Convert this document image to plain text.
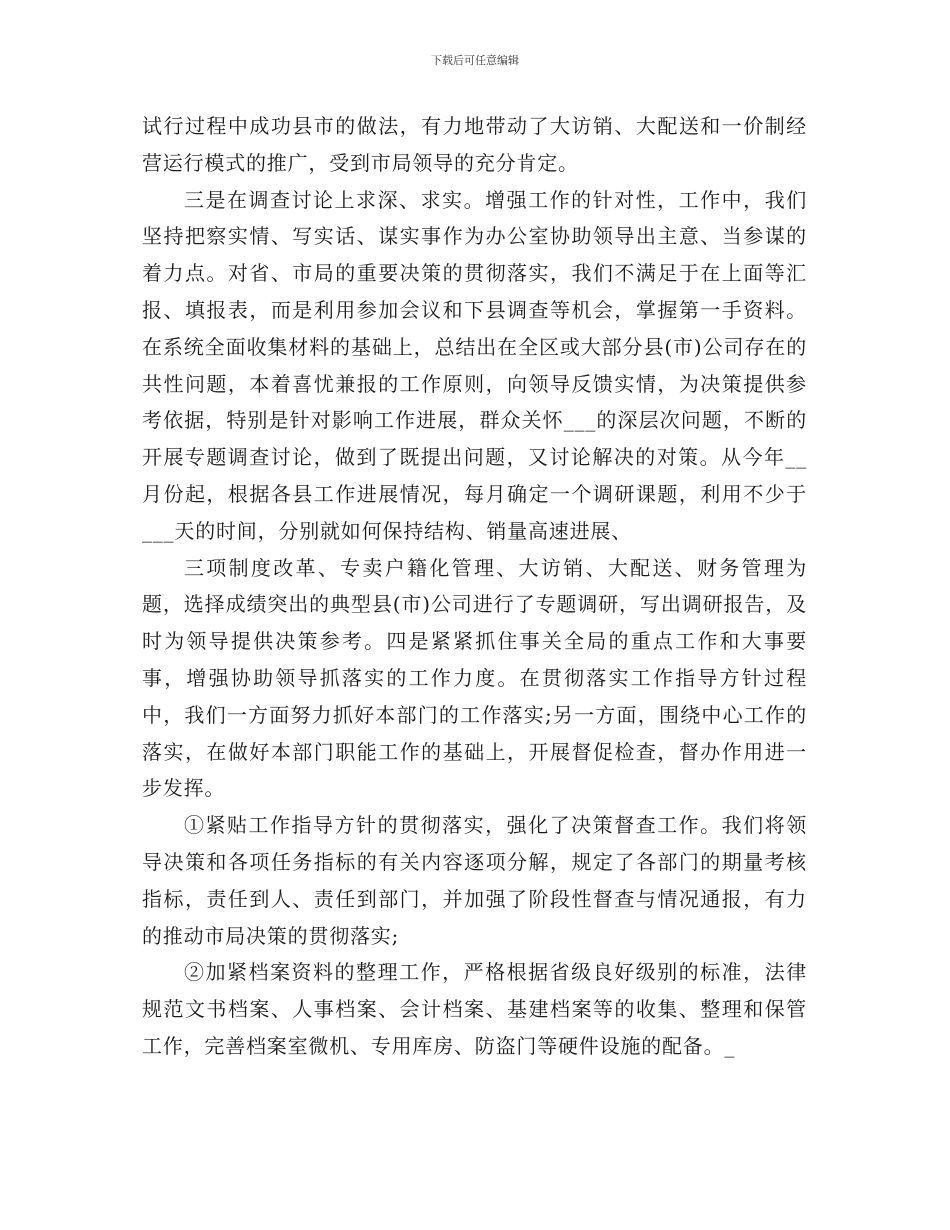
下载后可任意编辑

试行过程中成功县市的做法，有力地带动了大访销、大配送和一价制经营运行模式的推广，受到市局领导的充分肯定。

三是在调查讨论上求深、求实。增强工作的针对性，工作中，我们坚持把察实情、写实话、谋实事作为办公室协助领导出主意、当参谋的着力点。对省、市局的重要决策的贯彻落实，我们不满足于在上面等汇报、填报表，而是利用参加会议和下县调查等机会，掌握第一手资料。在系统全面收集材料的基础上，总结出在全区或大部分县(市)公司存在的共性问题，本着喜忧兼报的工作原则，向领导反馈实情，为决策提供参考依据，特别是针对影响工作进展，群众关怀___的深层次问题，不断的开展专题调查讨论，做到了既提出问题，又讨论解决的对策。从今年__月份起，根据各县工作进展情况，每月确定一个调研课题，利用不少于___天的时间，分别就如何保持结构、销量高速进展、

三项制度改革、专卖户籍化管理、大访销、大配送、财务管理为题，选择成绩突出的典型县(市)公司进行了专题调研，写出调研报告，及时为领导提供决策参考。四是紧紧抓住事关全局的重点工作和大事要事，增强协助领导抓落实的工作力度。在贯彻落实工作指导方针过程中，我们一方面努力抓好本部门的工作落实;另一方面，围绕中心工作的落实，在做好本部门职能工作的基础上，开展督促检查，督办作用进一步发挥。

①紧贴工作指导方针的贯彻落实，强化了决策督查工作。我们将领导决策和各项任务指标的有关内容逐项分解，规定了各部门的期量考核指标，责任到人、责任到部门，并加强了阶段性督查与情况通报，有力的推动市局决策的贯彻落实;

②加紧档案资料的整理工作，严格根据省级良好级别的标准，法律规范文书档案、人事档案、会计档案、基建档案等的收集、整理和保管工作，完善档案室微机、专用库房、防盗门等硬件设施的配备。_
